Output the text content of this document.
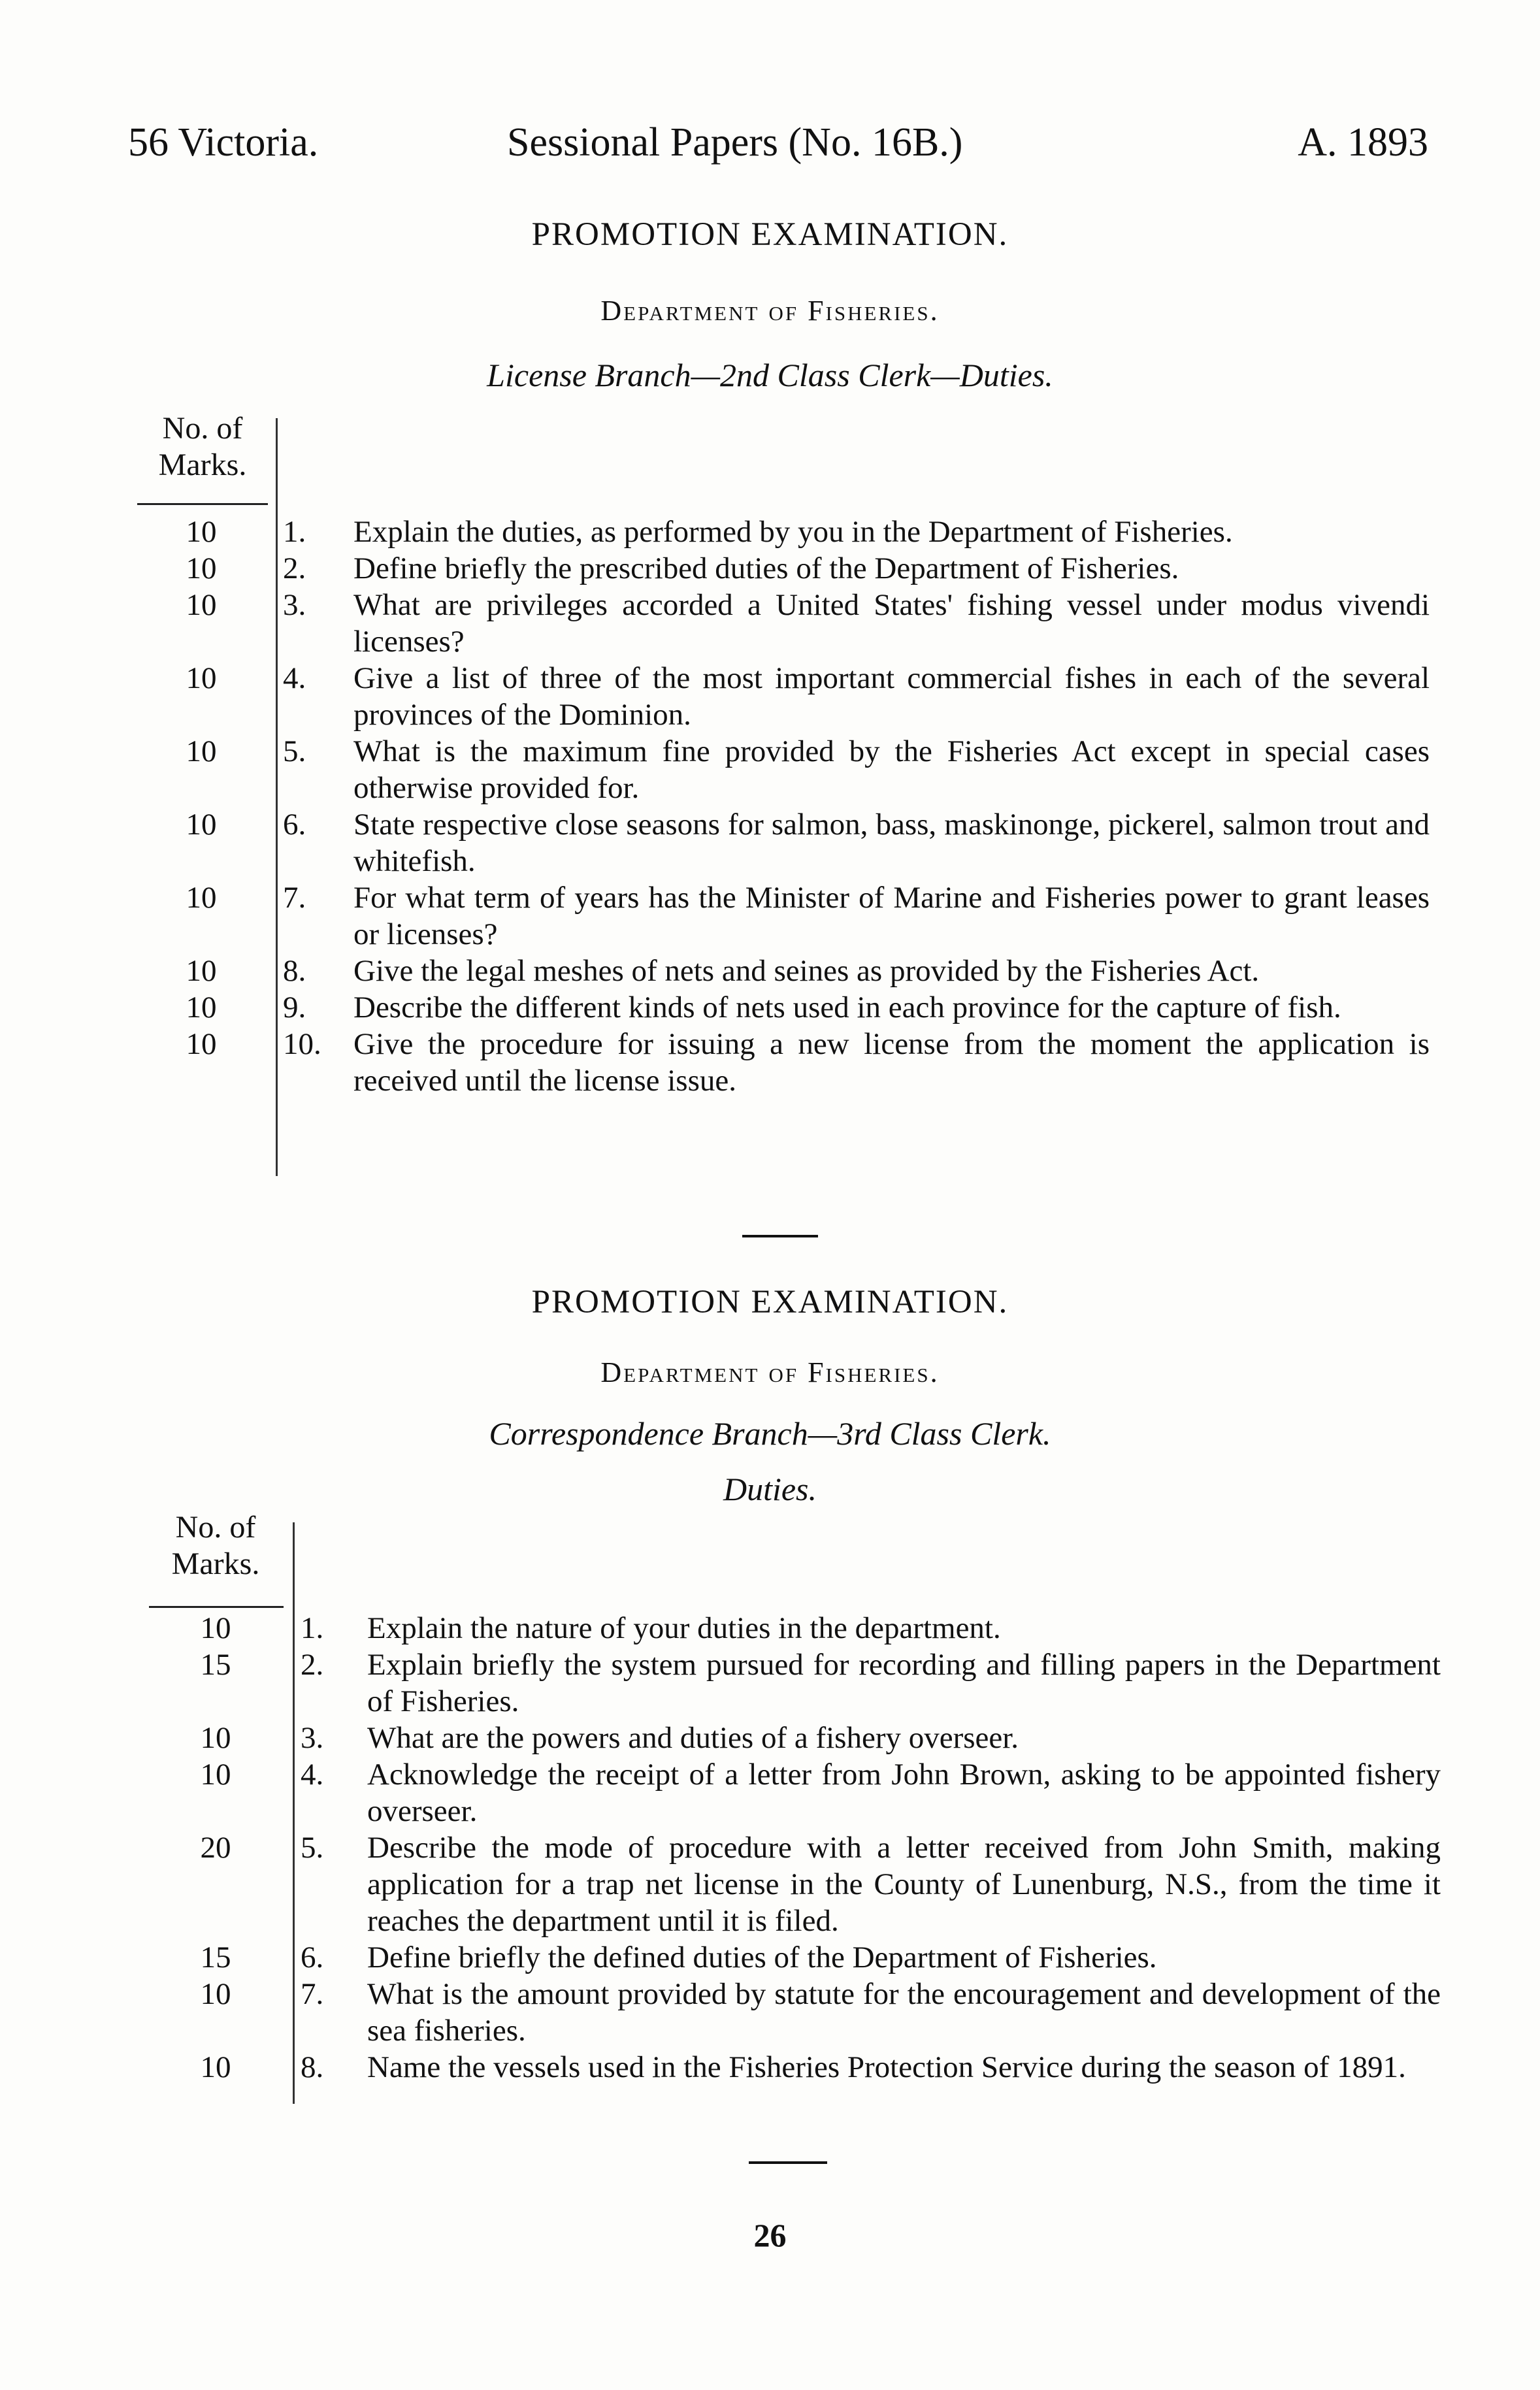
56 Victoria.	Sessional Papers (No. 16B.)	A. 1893
PROMOTION EXAMINATION.
Department of Fisheries.
License Branch—2nd Class Clerk—Duties.
No. of
Marks.
10	1. Explain the duties, as performed by you in the Department of Fisheries.
10	2. Define briefly the prescribed duties of the Department of Fisheries.
10	3. What are privileges accorded a United States' fishing vessel under modus vivendi licenses?
10	4. Give a list of three of the most important commercial fishes in each of the several provinces of the Dominion.
10	5. What is the maximum fine provided by the Fisheries Act except in special cases otherwise provided for.
10	6. State respective close seasons for salmon, bass, maskinonge, pickerel, salmon trout and whitefish.
10	7. For what term of years has the Minister of Marine and Fisheries power to grant leases or licenses?
10	8. Give the legal meshes of nets and seines as provided by the Fisheries Act.
10	9. Describe the different kinds of nets used in each province for the capture of fish.
10	10. Give the procedure for issuing a new license from the moment the application is received until the license issue.
PROMOTION EXAMINATION.
Department of Fisheries.
Correspondence Branch—3rd Class Clerk.
Duties.
No. of
Marks.
10	1. Explain the nature of your duties in the department.
15	2. Explain briefly the system pursued for recording and filling papers in the Department of Fisheries.
10	3. What are the powers and duties of a fishery overseer.
10	4. Acknowledge the receipt of a letter from John Brown, asking to be appointed fishery overseer.
20	5. Describe the mode of procedure with a letter received from John Smith, making application for a trap net license in the County of Lunenburg, N.S., from the time it reaches the department until it is filed.
15	6. Define briefly the defined duties of the Department of Fisheries.
10	7. What is the amount provided by statute for the encouragement and development of the sea fisheries.
10	8. Name the vessels used in the Fisheries Protection Service during the season of 1891.
26
